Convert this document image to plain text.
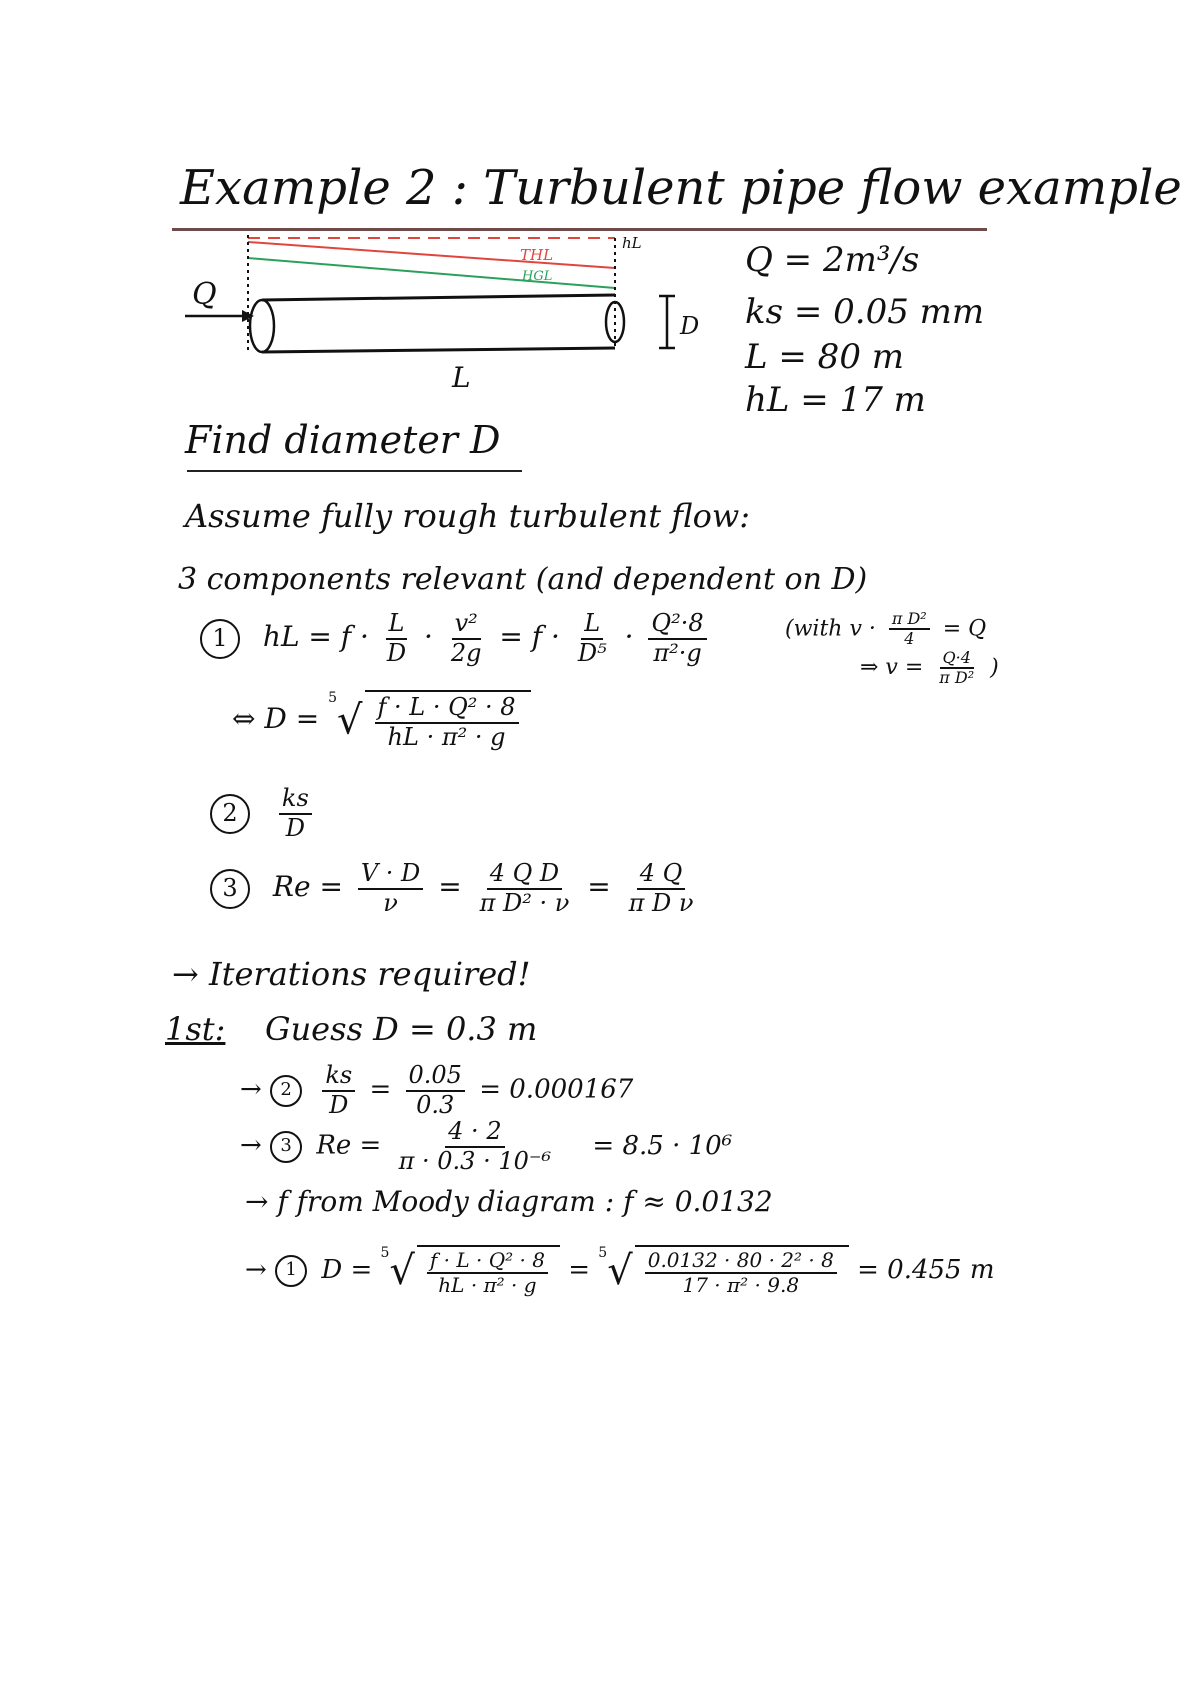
Example 2 : Turbulent pipe flow example
THL
HGL
Q
L
D
hL	Q = 2m³/s
ks = 0.05 mm
L = 80 m
hL = 17 m
Find diameter D
Assume fully rough turbulent flow:
3 components relevant (and dependent on D)
1 hL = $f \cdot \frac{L}{D} \cdot \frac{\text{v²}}{2g} = f \cdot \frac{L}{\text{D⁵}} \cdot \frac{\text{Q²·8}}{\text{π²·g}}$	(with $v \cdot \frac{\text{π D²}}{4} = Q$
⇒ $v = \frac{Q\cdot 4}{\text{π D²}}$ )
⇔ $D = ^5√ \frac{\text{f · L · Q² · 8}}{\text{hL · π² · g}}$
$2 \frac{ks}{D}$
3 $Re = \frac{V \cdot D}{\nu} = \frac{\text{4 Q D}}{\text{π D² · ν}} = \frac{4 Q}{\text{π D ν}}$
→ Iterations required!
1st: Guess D = 0.3 m
→ $2 \frac{ks}{D} = \frac{0.05}{0.3} = 0.000167$
→ 3 $Re = \frac{4 \cdot 2}{\text{π · 0.3 · 10⁻⁶}} = 8.5 \cdot 10^6$
→ f from Moody diagram : f ≈ 0.0132
→ 1 $D = ^5√ \frac{\text{f · L · Q² · 8}}{\text{hL · π² · g}} = ^5√ \frac{\text{0.0132 · 80 · 2² · 8}}{\text{17 · π² · 9.8}} = 0.455$ m
